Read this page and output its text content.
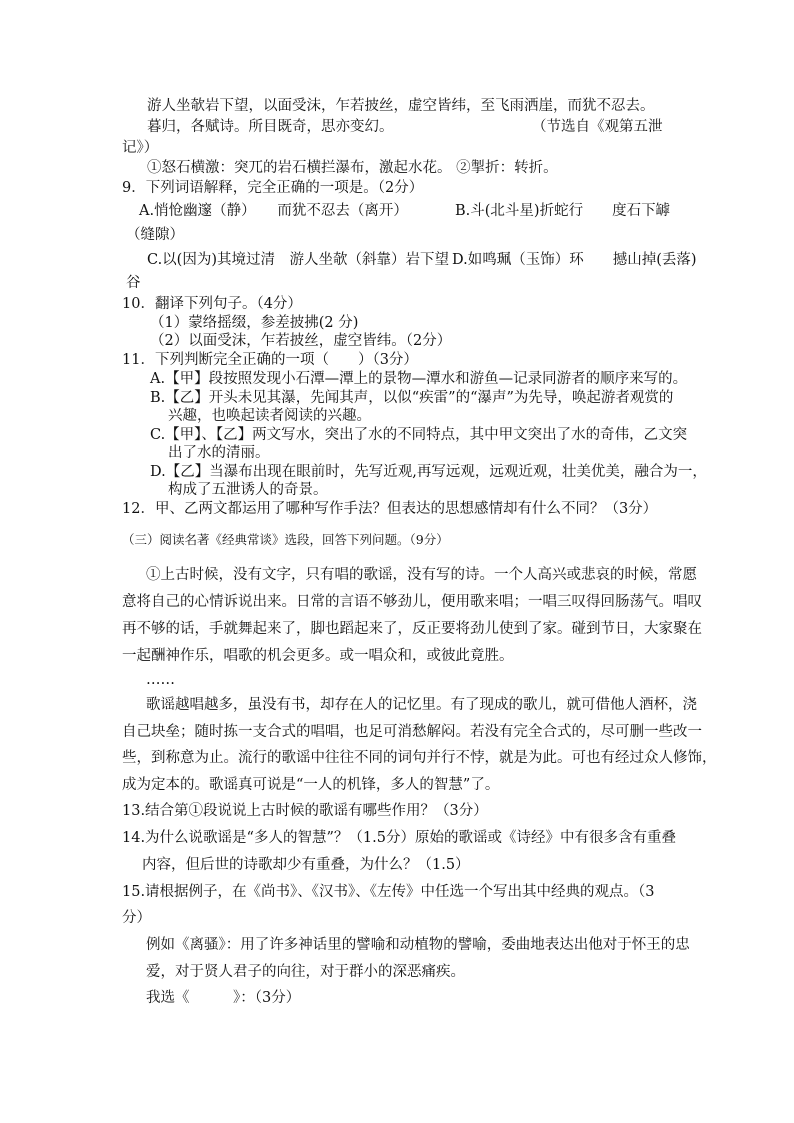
游人坐欹岩下望，以面受沫，乍若披丝，虚空皆纬，至飞雨洒崖，而犹不忍去。
暮归，各赋诗。所目既奇，思亦变幻。	（节选自《观第五泄
记》）
①怒石横激：突兀的岩石横拦瀑布，激起水花。 ②掣折：转折。
9．下列词语解释，完全正确的一项是。（2分）
A.悄怆幽邃（静）　　而犹不忍去（离开）	B.斗(北斗星)折蛇行　　度石下罅
（缝隙）
C.以(因为)其境过清　游人坐欹（斜靠）岩下望 D.如鸣珮（玉饰）环　　撼山掉(丢落)
谷
10．翻译下列句子。（4分）
（1）蒙络摇缀，参差披拂(2 分)
（2）以面受沫，乍若披丝，虚空皆纬。（2分）
11．下列判断完全正确的一项（　　）（3分）
A.【甲】段按照发现小石潭—潭上的景物—潭水和游鱼—记录同游者的顺序来写的。
B.【乙】开头未见其瀑，先闻其声，以似“疾雷”的“瀑声”为先导，唤起游者观赏的
兴趣，也唤起读者阅读的兴趣。
C.【甲】、【乙】两文写水，突出了水的不同特点，其中甲文突出了水的奇伟，乙文突
出了水的清丽。
D.【乙】当瀑布出现在眼前时，先写近观,再写远观，远观近观，壮美优美，融合为一，
构成了五泄诱人的奇景。
12．甲、乙两文都运用了哪种写作手法？但表达的思想感情却有什么不同？（3分）
（三）阅读名著《经典常谈》选段，回答下列问题。（9分）
①上古时候，没有文字，只有唱的歌谣，没有写的诗。一个人高兴或悲哀的时候，常愿
意将自己的心情诉说出来。日常的言语不够劲儿，便用歌来唱；一唱三叹得回肠荡气。唱叹
再不够的话，手就舞起来了，脚也蹈起来了，反正要将劲儿使到了家。碰到节日，大家聚在
一起酬神作乐，唱歌的机会更多。或一唱众和，或彼此竟胜。
……
歌谣越唱越多，虽没有书，却存在人的记忆里。有了现成的歌儿，就可借他人酒杯，浇
自己块垒；随时拣一支合式的唱唱，也足可消愁解闷。若没有完全合式的，尽可删一些改一
些，到称意为止。流行的歌谣中往往不同的词句并行不悖，就是为此。可也有经过众人修饰，
成为定本的。歌谣真可说是“一人的机锋，多人的智慧”了。
13.结合第①段说说上古时候的歌谣有哪些作用？（3分）
14.为什么说歌谣是“多人的智慧”？（1.5分）原始的歌谣或《诗经》中有很多含有重叠
内容，但后世的诗歌却少有重叠，为什么？（1.5）
15.请根据例子，在《尚书》、《汉书》、《左传》中任选一个写出其中经典的观点。（3
分）
例如《离骚》：用了许多神话里的譬喻和动植物的譬喻，委曲地表达出他对于怀王的忠
爱，对于贤人君子的向往，对于群小的深恶痛疾。
我选《　　　》：（3分）
